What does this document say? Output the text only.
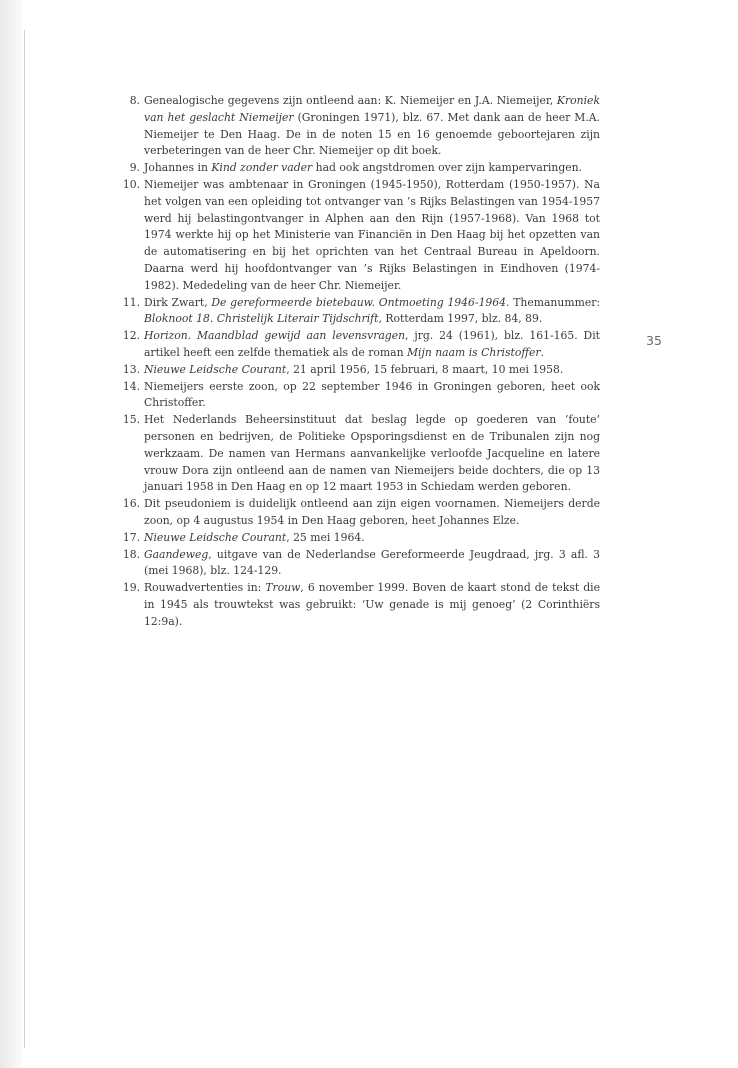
8. Genealogische gegevens zijn ontleend aan: K. Niemeijer en J.A. Niemeijer, Kroniek van het geslacht Niemeijer (Groningen 1971), blz. 67. Met dank aan de heer M.A. Niemeijer te Den Haag. De in de noten 15 en 16 genoemde geboortejaren zijn verbeteringen van de heer Chr. Niemeijer op dit boek.
9. Johannes in Kind zonder vader had ook angstdromen over zijn kampervaringen.
10. Niemeijer was ambtenaar in Groningen (1945-1950), Rotterdam (1950-1957). Na het volgen van een opleiding tot ontvanger van ’s Rijks Belastingen van 1954-1957 werd hij belastingontvanger in Alphen aan den Rijn (1957-1968). Van 1968 tot 1974 werkte hij op het Ministerie van Financiën in Den Haag bij het opzetten van de automatisering en bij het oprichten van het Centraal Bureau in Apeldoorn. Daarna werd hij hoofdontvanger van ’s Rijks Belastingen in Eindhoven (1974-1982). Mededeling van de heer Chr. Niemeijer.
11. Dirk Zwart, De gereformeerde bietebauw. Ontmoeting 1946-1964. Themanummer: Bloknoot 18. Christelijk Literair Tijdschrift, Rotterdam 1997, blz. 84, 89.
12. Horizon. Maandblad gewijd aan levensvragen, jrg. 24 (1961), blz. 161-165. Dit artikel heeft een zelfde thematiek als de roman Mijn naam is Christoffer.
13. Nieuwe Leidsche Courant, 21 april 1956, 15 februari, 8 maart, 10 mei 1958.
14. Niemeijers eerste zoon, op 22 september 1946 in Groningen geboren, heet ook Christoffer.
15. Het Nederlands Beheersinstituut dat beslag legde op goederen van ‘foute’ personen en bedrijven, de Politieke Opsporingsdienst en de Tribunalen zijn nog werkzaam. De namen van Hermans aanvankelijke verloofde Jacqueline en latere vrouw Dora zijn ontleend aan de namen van Niemeijers beide dochters, die op 13 januari 1958 in Den Haag en op 12 maart 1953 in Schiedam werden geboren.
16. Dit pseudoniem is duidelijk ontleend aan zijn eigen voornamen. Niemeijers derde zoon, op 4 augustus 1954 in Den Haag geboren, heet Johannes Elze.
17. Nieuwe Leidsche Courant, 25 mei 1964.
18. Gaandeweg, uitgave van de Nederlandse Gereformeerde Jeugdraad, jrg. 3 afl. 3 (mei 1968), blz. 124-129.
19. Rouwadvertenties in: Trouw, 6 november 1999. Boven de kaart stond de tekst die in 1945 als trouwtekst was gebruikt: ‘Uw genade is mij genoeg’ (2 Corinthiërs 12:9a).
35
